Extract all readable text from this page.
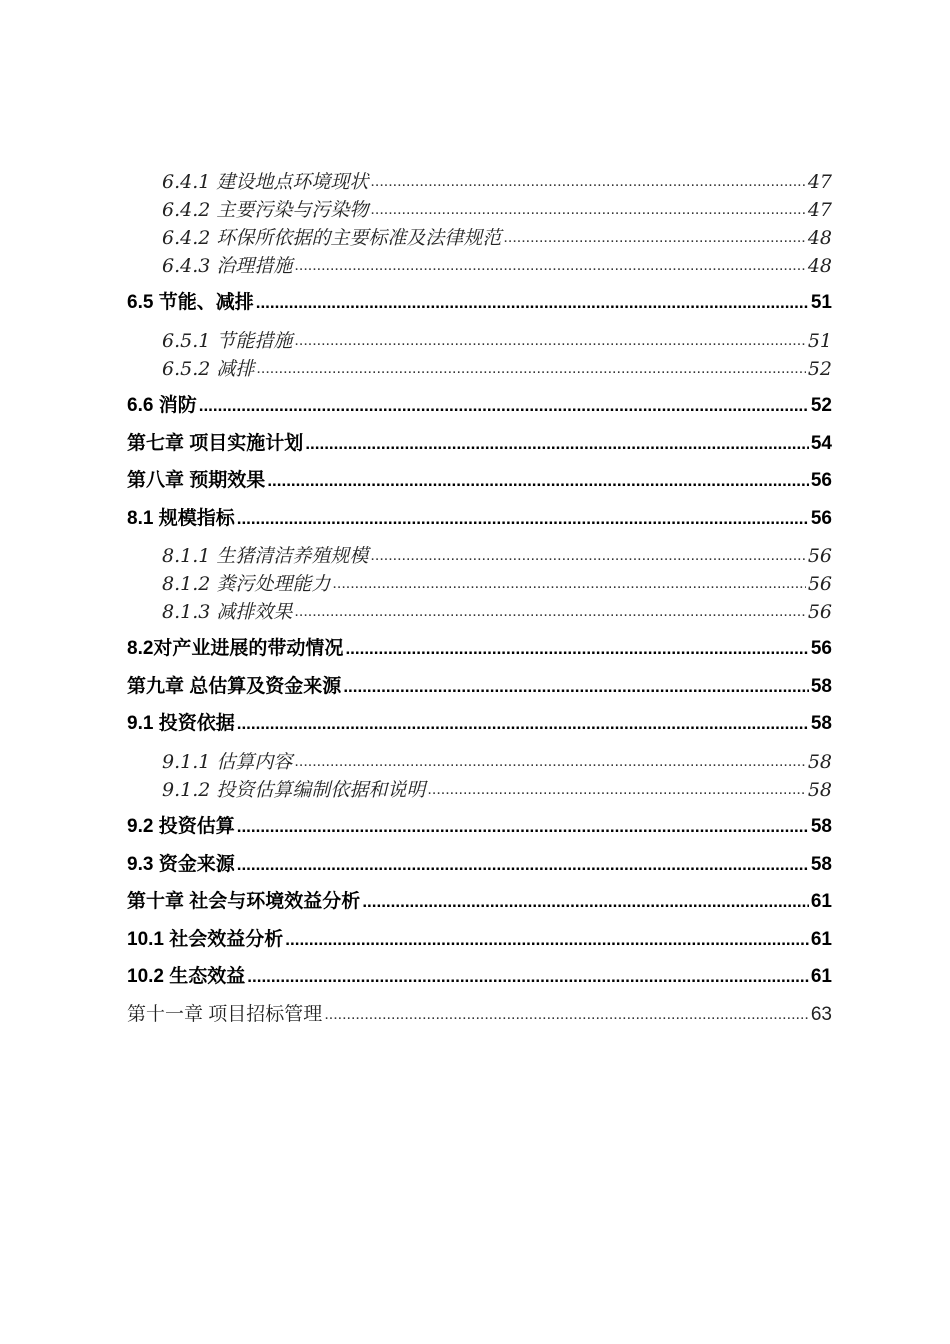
6.4.1 建设地点环境现状 .....	47
6.4.2 主要污染与污染物 .....	47
6.4.2 环保所依据的主要标准及法律规范 .....	48
6.4.3 治理措施 .....	48
6.5 节能、减排 .....	51
6.5.1 节能措施 .....	51
6.5.2 减排 .....	52
6.6 消防 .....	52
第七章 项目实施计划 .....	54
第八章 预期效果 .....	56
8.1 规模指标 .....	56
8.1.1 生猪清洁养殖规模 .....	56
8.1.2 粪污处理能力 .....	56
8.1.3 减排效果 .....	56
8.2对产业进展的带动情况 .....	56
第九章 总估算及资金来源 .....	58
9.1 投资依据 .....	58
9.1.1 估算内容 .....	58
9.1.2 投资估算编制依据和说明 .....	58
9.2 投资估算 .....	58
9.3 资金来源 .....	58
第十章 社会与环境效益分析 .....	61
10.1 社会效益分析 .....	61
10.2 生态效益 .....	61
第十一章 项目招标管理 .....	63
